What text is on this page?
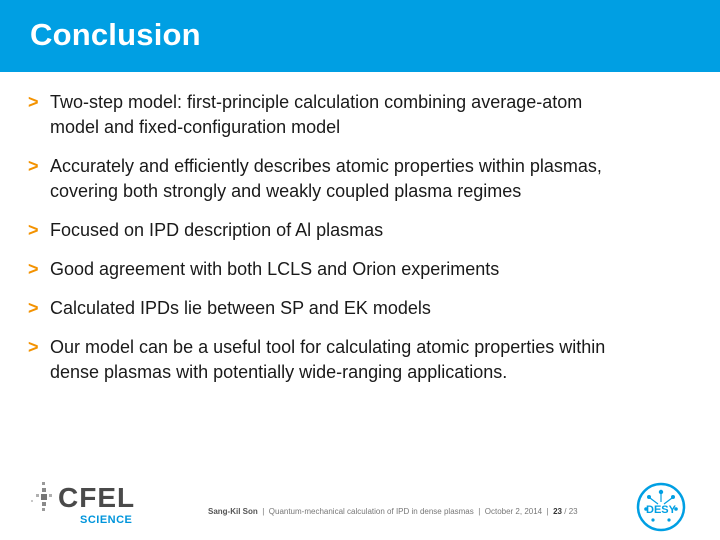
Conclusion
> Two-step model: first-principle calculation combining average-atom
model and fixed-configuration model
> Accurately and efficiently describes atomic properties within plasmas,
covering both strongly and weakly coupled plasma regimes
> Focused on IPD description of Al plasmas
> Good agreement with both LCLS and Orion experiments
> Calculated IPDs lie between SP and EK models
> Our model can be a useful tool for calculating atomic properties within
dense plasmas with potentially wide-ranging applications.
CFEL
SCIENCE
Sang-Kil Son | Quantum-mechanical calculation of IPD in dense plasmas | October 2, 2014 | 23 / 23	DESY
